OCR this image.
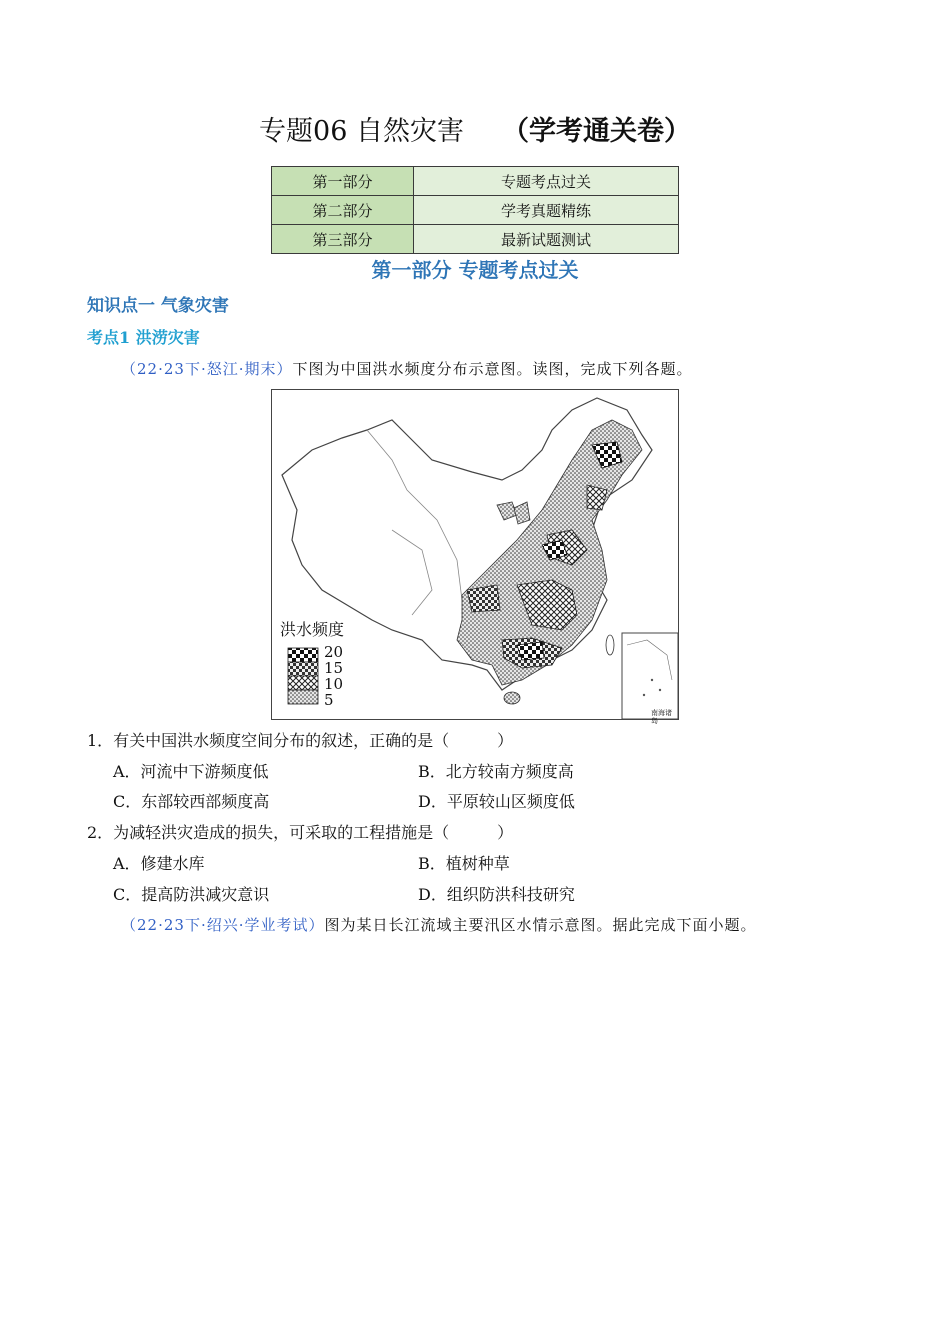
专题06 自然灾害 （学考通关卷）
第一部分	专题考点过关
第二部分	学考真题精练
第三部分	最新试题测试
第一部分 专题考点过关
知识点一 气象灾害
考点1 洪涝灾害
（22·23下·怒江·期末）下图为中国洪水频度分布示意图。读图，完成下列各题。
洪水频度
20
15
10
5
南海诸岛
1．有关中国洪水频度空间分布的叙述，正确的是（　　　）
A．河流中下游频度低	B．北方较南方频度高
C．东部较西部频度高	D．平原较山区频度低
2．为减轻洪灾造成的损失，可采取的工程措施是（　　　）
A．修建水库	B．植树种草
C．提高防洪减灾意识	D．组织防洪科技研究
（22·23下·绍兴·学业考试）图为某日长江流域主要汛区水情示意图。据此完成下面小题。
